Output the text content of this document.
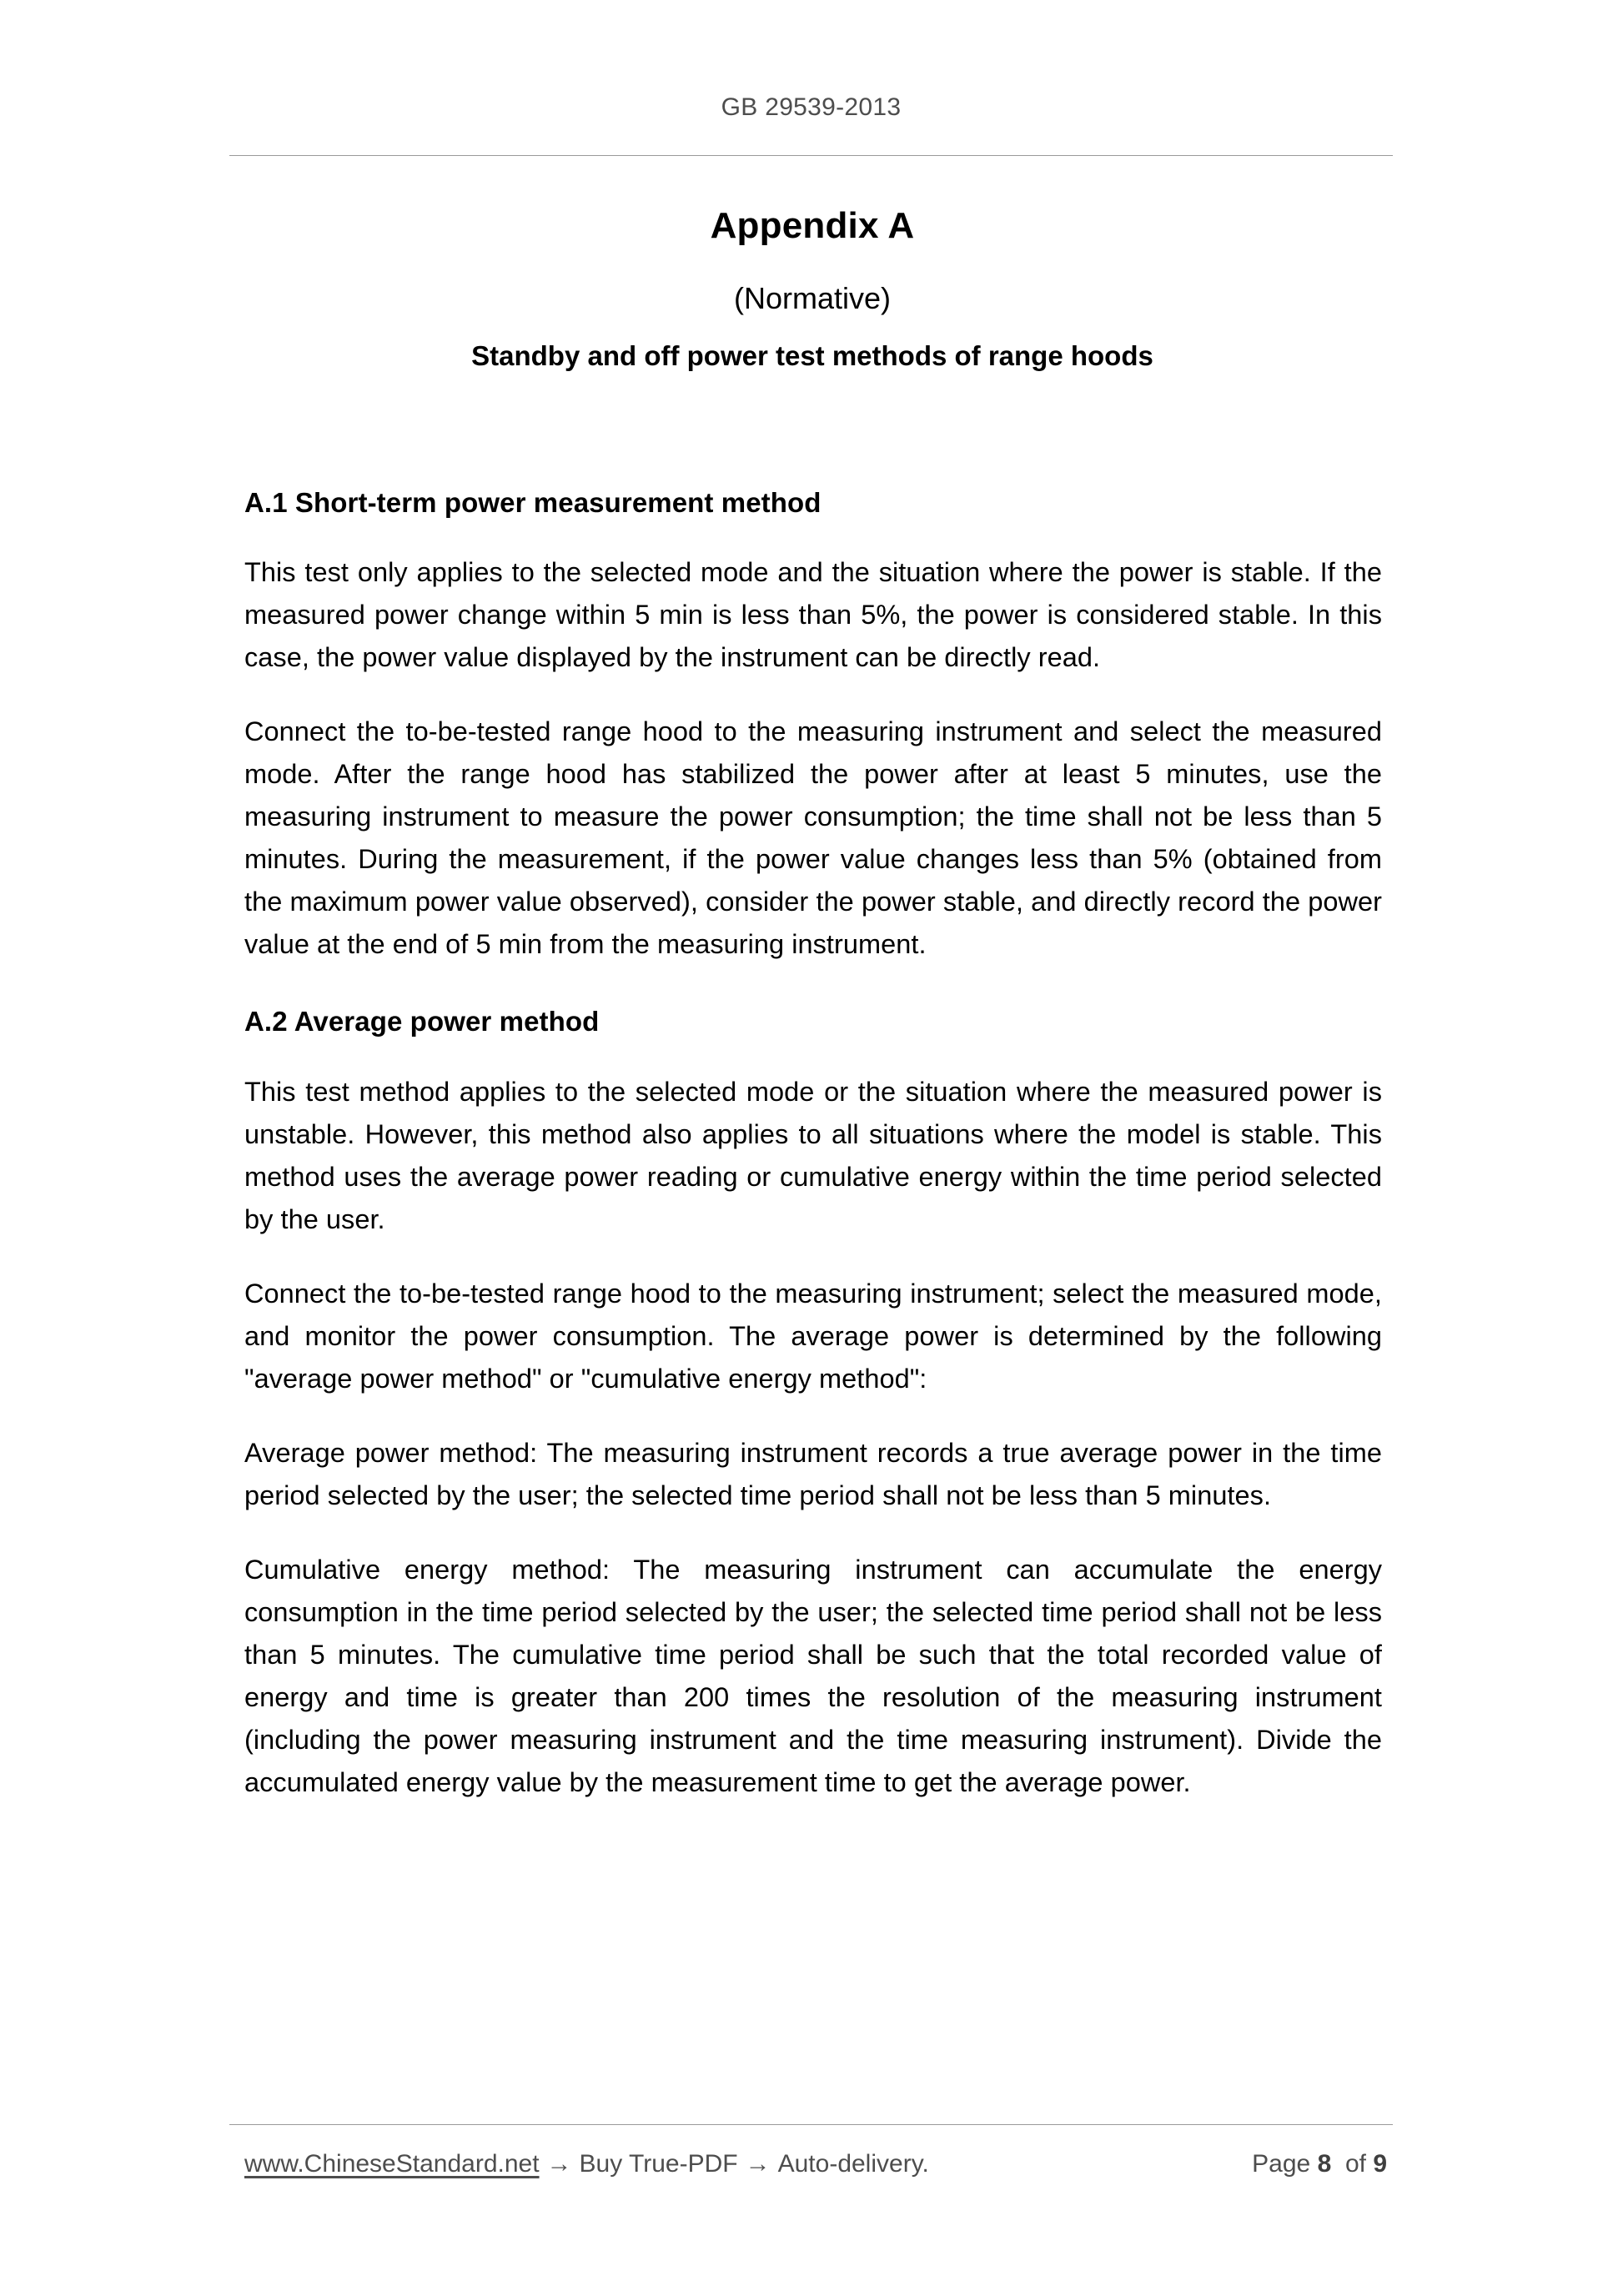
GB 29539-2013
Appendix A
(Normative)
Standby and off power test methods of range hoods
A.1 Short-term power measurement method

This test only applies to the selected mode and the situation where the power is stable. If the measured power change within 5 min is less than 5%, the power is considered stable. In this case, the power value displayed by the instrument can be directly read.

Connect the to-be-tested range hood to the measuring instrument and select the measured mode. After the range hood has stabilized the power after at least 5 minutes, use the measuring instrument to measure the power consumption; the time shall not be less than 5 minutes. During the measurement, if the power value changes less than 5% (obtained from the maximum power value observed), consider the power stable, and directly record the power value at the end of 5 min from the measuring instrument.

A.2 Average power method

This test method applies to the selected mode or the situation where the measured power is unstable. However, this method also applies to all situations where the model is stable. This method uses the average power reading or cumulative energy within the time period selected by the user.

Connect the to-be-tested range hood to the measuring instrument; select the measured mode, and monitor the power consumption. The average power is determined by the following "average power method" or "cumulative energy method":

Average power method: The measuring instrument records a true average power in the time period selected by the user; the selected time period shall not be less than 5 minutes.

Cumulative energy method: The measuring instrument can accumulate the energy consumption in the time period selected by the user; the selected time period shall not be less than 5 minutes. The cumulative time period shall be such that the total recorded value of energy and time is greater than 200 times the resolution of the measuring instrument (including the power measuring instrument and the time measuring instrument). Divide the accumulated energy value by the measurement time to get the average power.

www.ChineseStandard.net → Buy True-PDF → Auto-delivery.	Page 8 of 9
